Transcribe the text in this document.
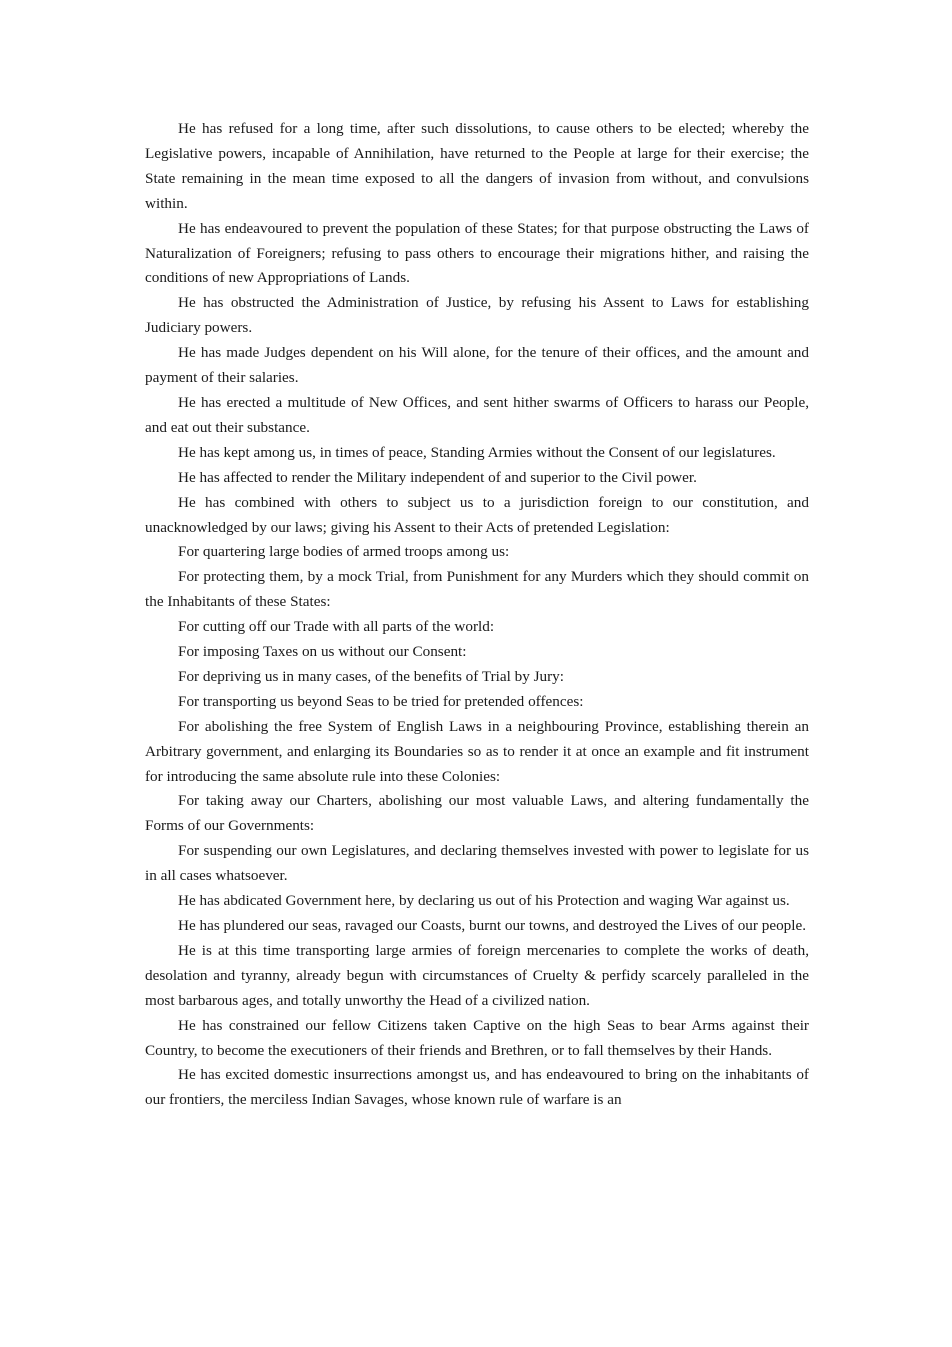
He has refused for a long time, after such dissolutions, to cause others to be elected; whereby the Legislative powers, incapable of Annihilation, have returned to the People at large for their exercise; the State remaining in the mean time exposed to all the dangers of invasion from without, and convulsions within.

He has endeavoured to prevent the population of these States; for that purpose obstructing the Laws of Naturalization of Foreigners; refusing to pass others to encourage their migrations hither, and raising the conditions of new Appropriations of Lands.

He has obstructed the Administration of Justice, by refusing his Assent to Laws for establishing Judiciary powers.

He has made Judges dependent on his Will alone, for the tenure of their offices, and the amount and payment of their salaries.

He has erected a multitude of New Offices, and sent hither swarms of Officers to harass our People, and eat out their substance.

He has kept among us, in times of peace, Standing Armies without the Consent of our legislatures.

He has affected to render the Military independent of and superior to the Civil power.

He has combined with others to subject us to a jurisdiction foreign to our constitution, and unacknowledged by our laws; giving his Assent to their Acts of pretended Legislation:

For quartering large bodies of armed troops among us:

For protecting them, by a mock Trial, from Punishment for any Murders which they should commit on the Inhabitants of these States:

For cutting off our Trade with all parts of the world:

For imposing Taxes on us without our Consent:

For depriving us in many cases, of the benefits of Trial by Jury:

For transporting us beyond Seas to be tried for pretended offences:

For abolishing the free System of English Laws in a neighbouring Province, establishing therein an Arbitrary government, and enlarging its Boundaries so as to render it at once an example and fit instrument for introducing the same absolute rule into these Colonies:

For taking away our Charters, abolishing our most valuable Laws, and altering fundamentally the Forms of our Governments:

For suspending our own Legislatures, and declaring themselves invested with power to legislate for us in all cases whatsoever.

He has abdicated Government here, by declaring us out of his Protection and waging War against us.

He has plundered our seas, ravaged our Coasts, burnt our towns, and destroyed the Lives of our people.

He is at this time transporting large armies of foreign mercenaries to complete the works of death, desolation and tyranny, already begun with circumstances of Cruelty & perfidy scarcely paralleled in the most barbarous ages, and totally unworthy the Head of a civilized nation.

He has constrained our fellow Citizens taken Captive on the high Seas to bear Arms against their Country, to become the executioners of their friends and Brethren, or to fall themselves by their Hands.

He has excited domestic insurrections amongst us, and has endeavoured to bring on the inhabitants of our frontiers, the merciless Indian Savages, whose known rule of warfare is an
